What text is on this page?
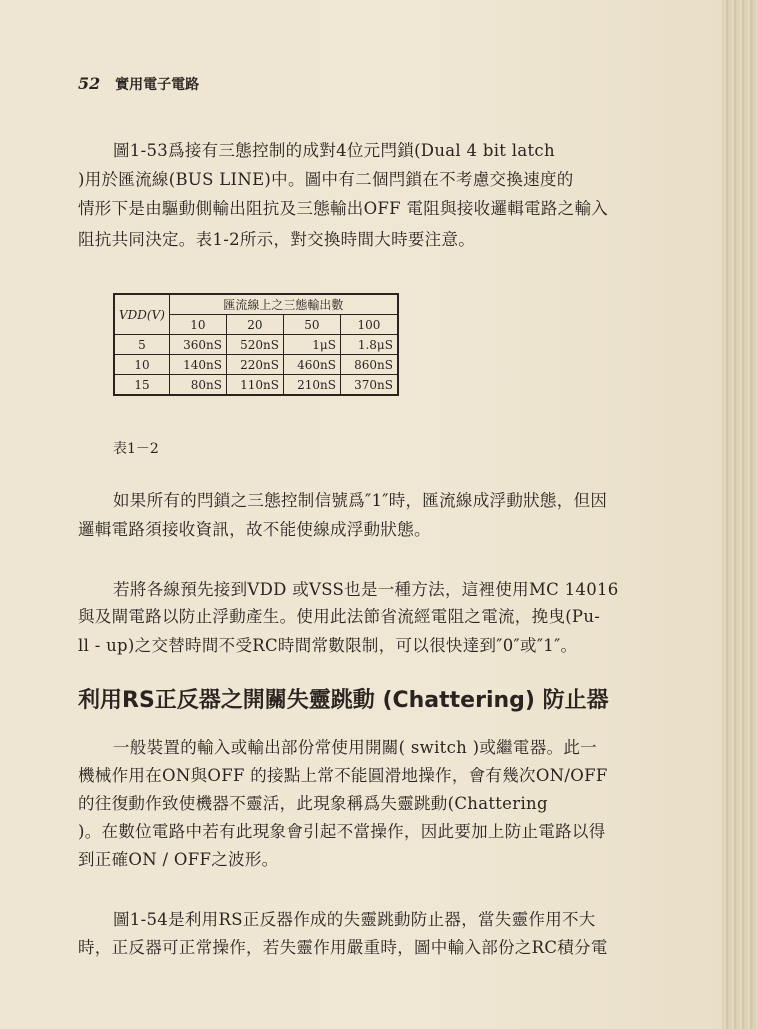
52 實用電子電路
圖1-53爲接有三態控制的成對4位元閂鎖(Dual 4 bit latch
)用於匯流線(BUS LINE)中。圖中有二個閂鎖在不考慮交換速度的
情形下是由驅動側輸出阻抗及三態輸出OFF 電阻與接收邏輯電路之輸入
阻抗共同決定。表1-2所示，對交換時間大時要注意。
VDD(V)	匯流線上之三態輸出數			
	10	20	50	100
5	360nS	520nS	1μS	1.8μS
10	140nS	220nS	460nS	860nS
15	80nS	110nS	210nS	370nS
表1－2
如果所有的閂鎖之三態控制信號爲″1″時，匯流線成浮動狀態，但因
邏輯電路須接收資訊，故不能使線成浮動狀態。
若將各線預先接到VDD 或VSS也是一種方法，這裡使用MC 14016
與及閘電路以防止浮動產生。使用此法節省流經電阻之電流，挽曳(Pu-
ll - up)之交替時間不受RC時間常數限制，可以很快達到″0″或″1″。
利用RS正反器之開關失靈跳動 (Chattering) 防止器
一般裝置的輸入或輸出部份常使用開關( switch )或繼電器。此一
機械作用在ON與OFF 的接點上常不能圓滑地操作，會有幾次ON/OFF
的往復動作致使機器不靈活，此現象稱爲失靈跳動(Chattering
)。在數位電路中若有此現象會引起不當操作，因此要加上防止電路以得
到正確ON / OFF之波形。
圖1-54是利用RS正反器作成的失靈跳動防止器，當失靈作用不大
時，正反器可正常操作，若失靈作用嚴重時，圖中輸入部份之RC積分電
